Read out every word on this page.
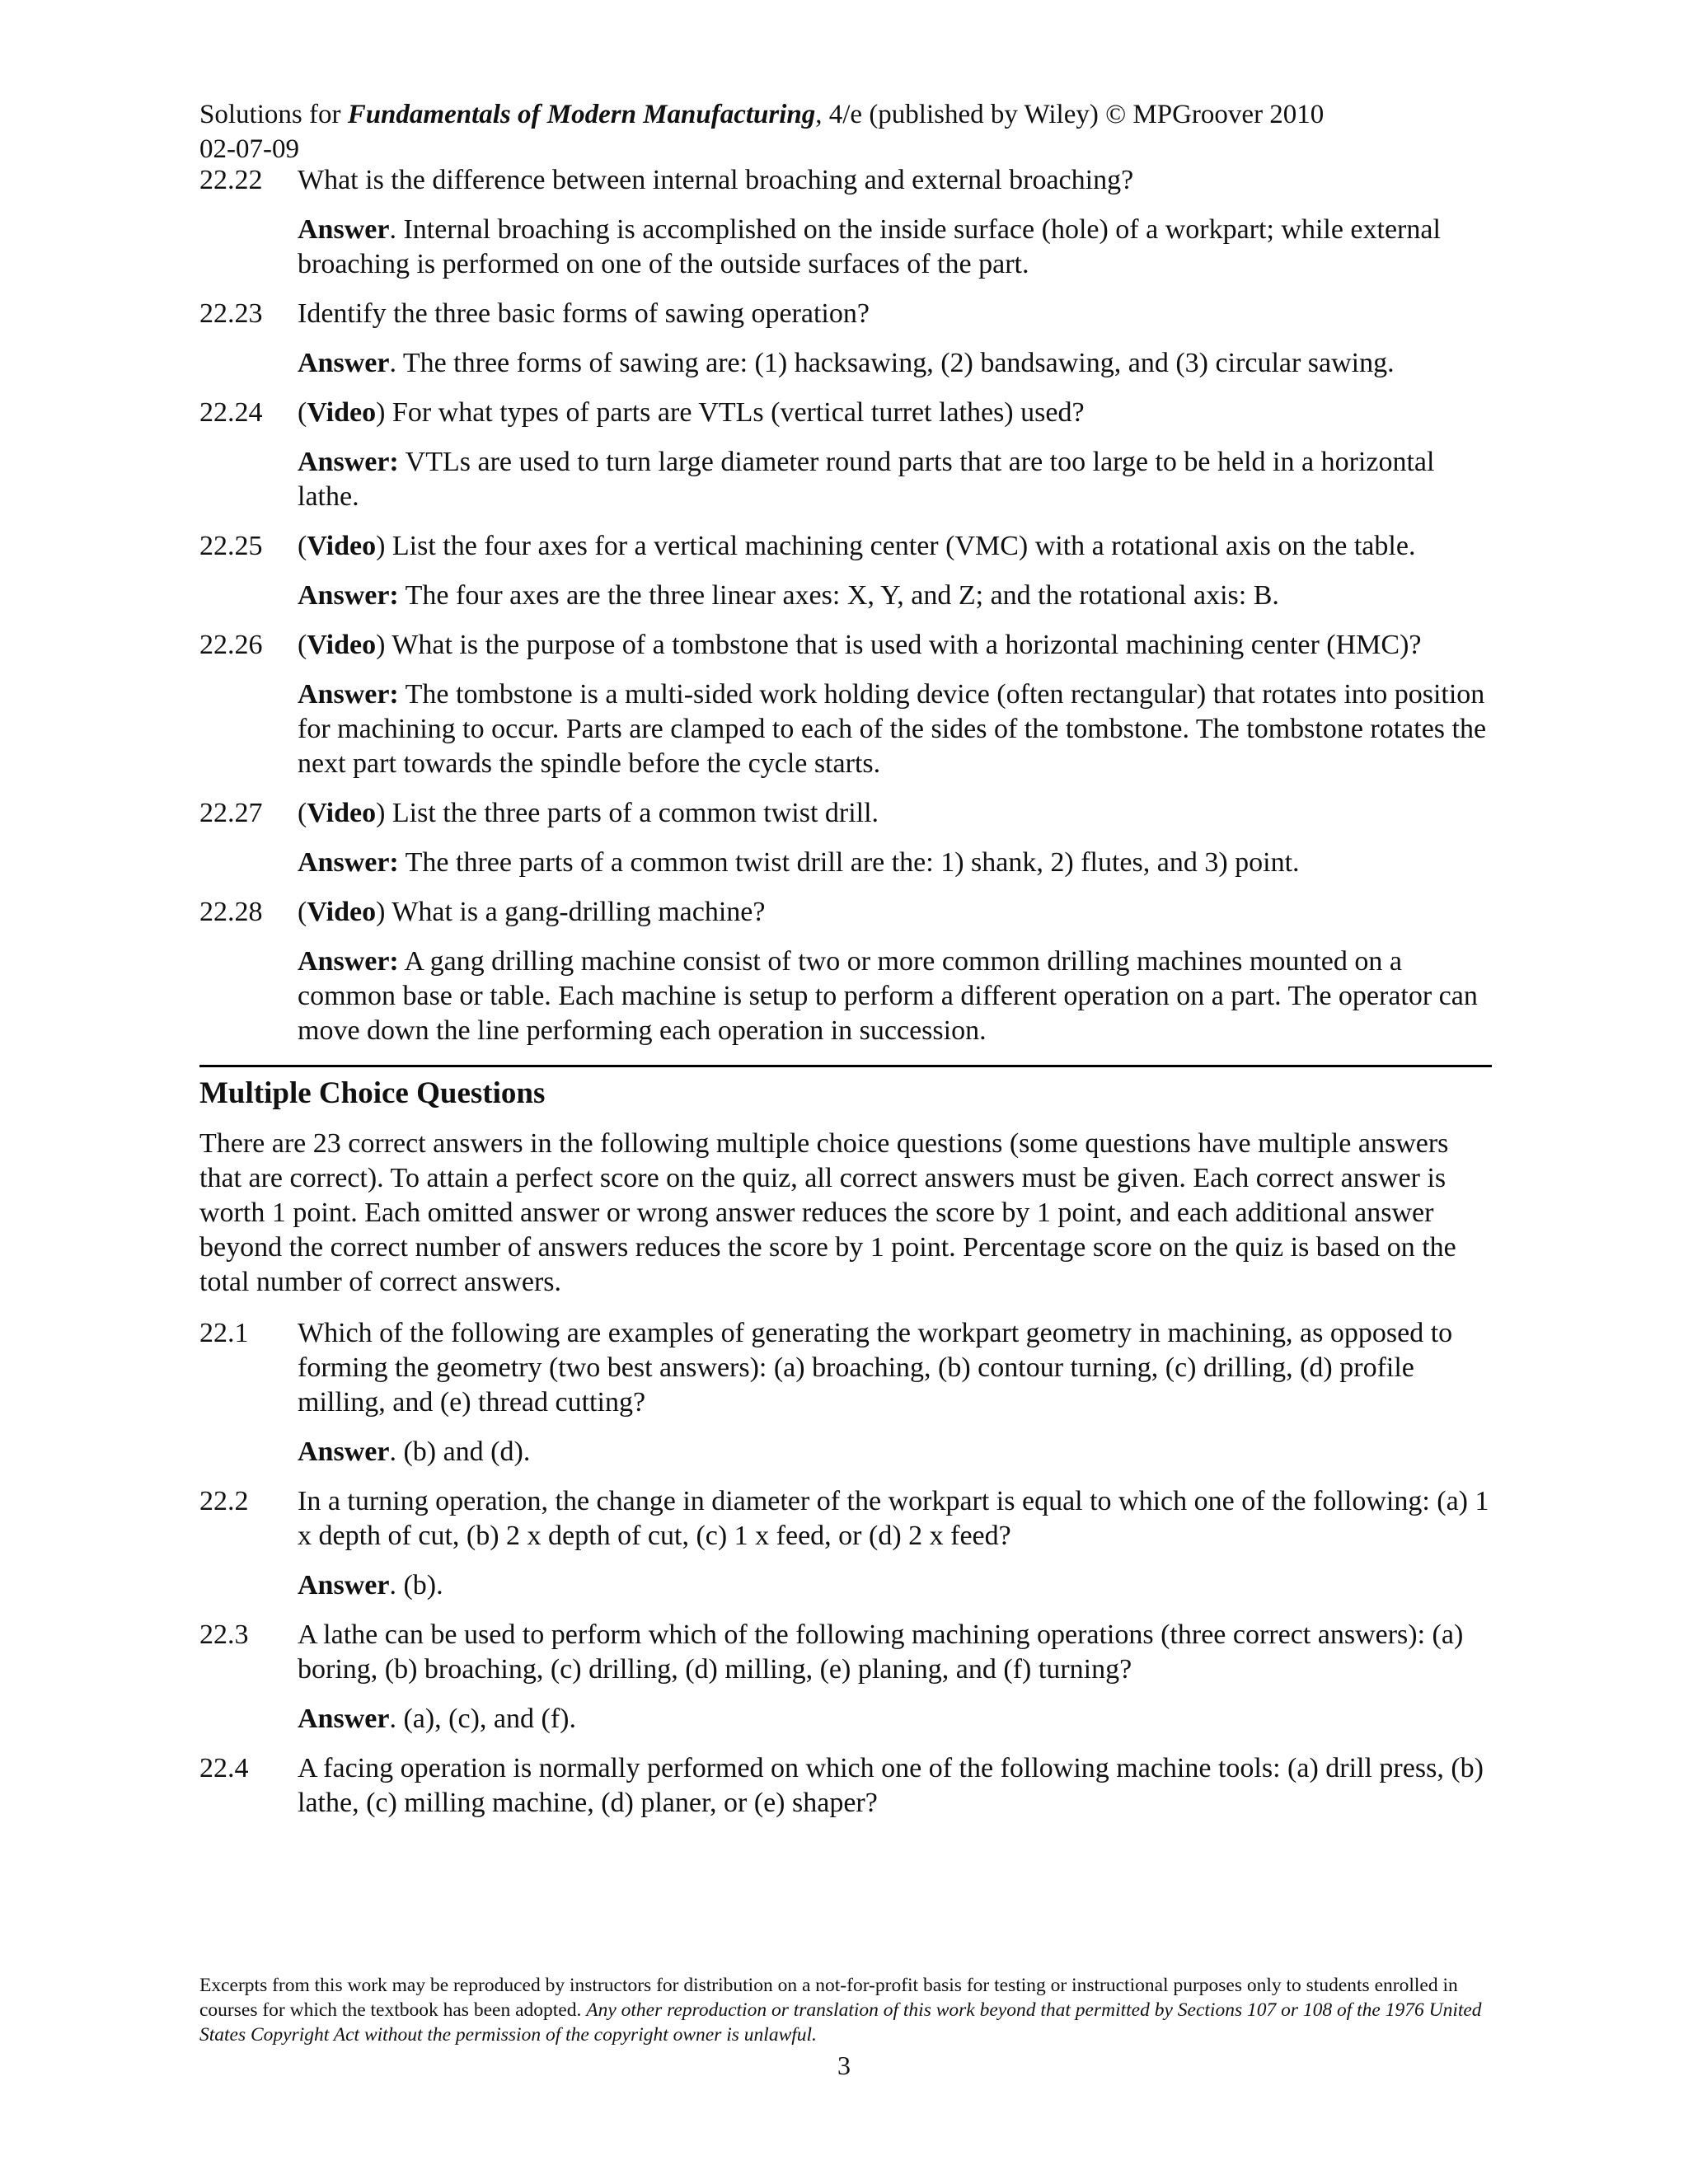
Solutions for Fundamentals of Modern Manufacturing, 4/e (published by Wiley) © MPGroover 2010
02-07-09
22.22	What is the difference between internal broaching and external broaching?
Answer. Internal broaching is accomplished on the inside surface (hole) of a workpart; while external broaching is performed on one of the outside surfaces of the part.
22.23	Identify the three basic forms of sawing operation?
Answer. The three forms of sawing are: (1) hacksawing, (2) bandsawing, and (3) circular sawing.
22.24	(Video) For what types of parts are VTLs (vertical turret lathes) used?
Answer: VTLs are used to turn large diameter round parts that are too large to be held in a horizontal lathe.
22.25	(Video) List the four axes for a vertical machining center (VMC) with a rotational axis on the table.
Answer: The four axes are the three linear axes: X, Y, and Z; and the rotational axis: B.
22.26	(Video) What is the purpose of a tombstone that is used with a horizontal machining center (HMC)?
Answer: The tombstone is a multi-sided work holding device (often rectangular) that rotates into position for machining to occur. Parts are clamped to each of the sides of the tombstone. The tombstone rotates the next part towards the spindle before the cycle starts.
22.27	(Video) List the three parts of a common twist drill.
Answer: The three parts of a common twist drill are the: 1) shank, 2) flutes, and 3) point.
22.28	(Video) What is a gang-drilling machine?
Answer: A gang drilling machine consist of two or more common drilling machines mounted on a common base or table. Each machine is setup to perform a different operation on a part. The operator can move down the line performing each operation in succession.
Multiple Choice Questions
There are 23 correct answers in the following multiple choice questions (some questions have multiple answers that are correct). To attain a perfect score on the quiz, all correct answers must be given. Each correct answer is worth 1 point. Each omitted answer or wrong answer reduces the score by 1 point, and each additional answer beyond the correct number of answers reduces the score by 1 point. Percentage score on the quiz is based on the total number of correct answers.
22.1	Which of the following are examples of generating the workpart geometry in machining, as opposed to forming the geometry (two best answers): (a) broaching, (b) contour turning, (c) drilling, (d) profile milling, and (e) thread cutting?
Answer. (b) and (d).
22.2	In a turning operation, the change in diameter of the workpart is equal to which one of the following: (a) 1 x depth of cut, (b) 2 x depth of cut, (c) 1 x feed, or (d) 2 x feed?
Answer. (b).
22.3	A lathe can be used to perform which of the following machining operations (three correct answers): (a) boring, (b) broaching, (c) drilling, (d) milling, (e) planing, and (f) turning?
Answer. (a), (c), and (f).
22.4	A facing operation is normally performed on which one of the following machine tools: (a) drill press, (b) lathe, (c) milling machine, (d) planer, or (e) shaper?
Excerpts from this work may be reproduced by instructors for distribution on a not-for-profit basis for testing or instructional purposes only to students enrolled in courses for which the textbook has been adopted. Any other reproduction or translation of this work beyond that permitted by Sections 107 or 108 of the 1976 United States Copyright Act without the permission of the copyright owner is unlawful.
3
